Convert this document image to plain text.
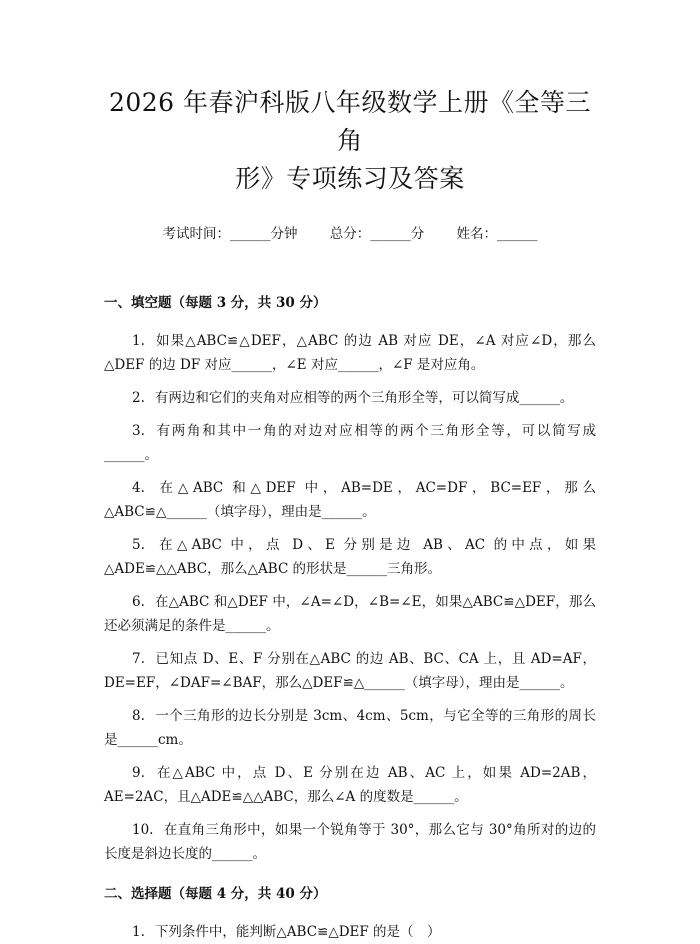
2026 年春沪科版八年级数学上册《全等三角
形》专项练习及答案
考试时间：______分钟 总分：______分 姓名：______
一、填空题（每题 3 分，共 30 分）
1. 如果△ABC≌△DEF，△ABC 的边 AB 对应 DE，∠A 对应∠D，那么△DEF 的边 DF 对应______，∠E 对应______，∠F 是对应角。
2. 有两边和它们的夹角对应相等的两个三角形全等，可以简写成______。
3. 有两角和其中一角的对边对应相等的两个三角形全等，可以简写成______。
4. 在△ABC 和△DEF 中，AB=DE，AC=DF，BC=EF，那么△ABC≌△______（填字母），理由是______。
5. 在△ABC 中，点 D、E 分别是边 AB、AC 的中点，如果△ADE≌△△ABC，那么△ABC 的形状是______三角形。
6. 在△ABC 和△DEF 中，∠A=∠D，∠B=∠E，如果△ABC≌△DEF，那么还必须满足的条件是______。
7. 已知点 D、E、F 分别在△ABC 的边 AB、BC、CA 上，且 AD=AF，DE=EF，∠DAF=∠BAF，那么△DEF≌△______（填字母），理由是______。
8. 一个三角形的边长分别是 3cm、4cm、5cm，与它全等的三角形的周长是______cm。
9. 在△ABC 中，点 D、E 分别在边 AB、AC 上，如果 AD=2AB，AE=2AC，且△ADE≌△△ABC，那么∠A 的度数是______。
10. 在直角三角形中，如果一个锐角等于 30°，那么它与 30°角所对的边的长度是斜边长度的______。
二、选择题（每题 4 分，共 40 分）
1. 下列条件中，能判断△ABC≌△DEF 的是（　）
